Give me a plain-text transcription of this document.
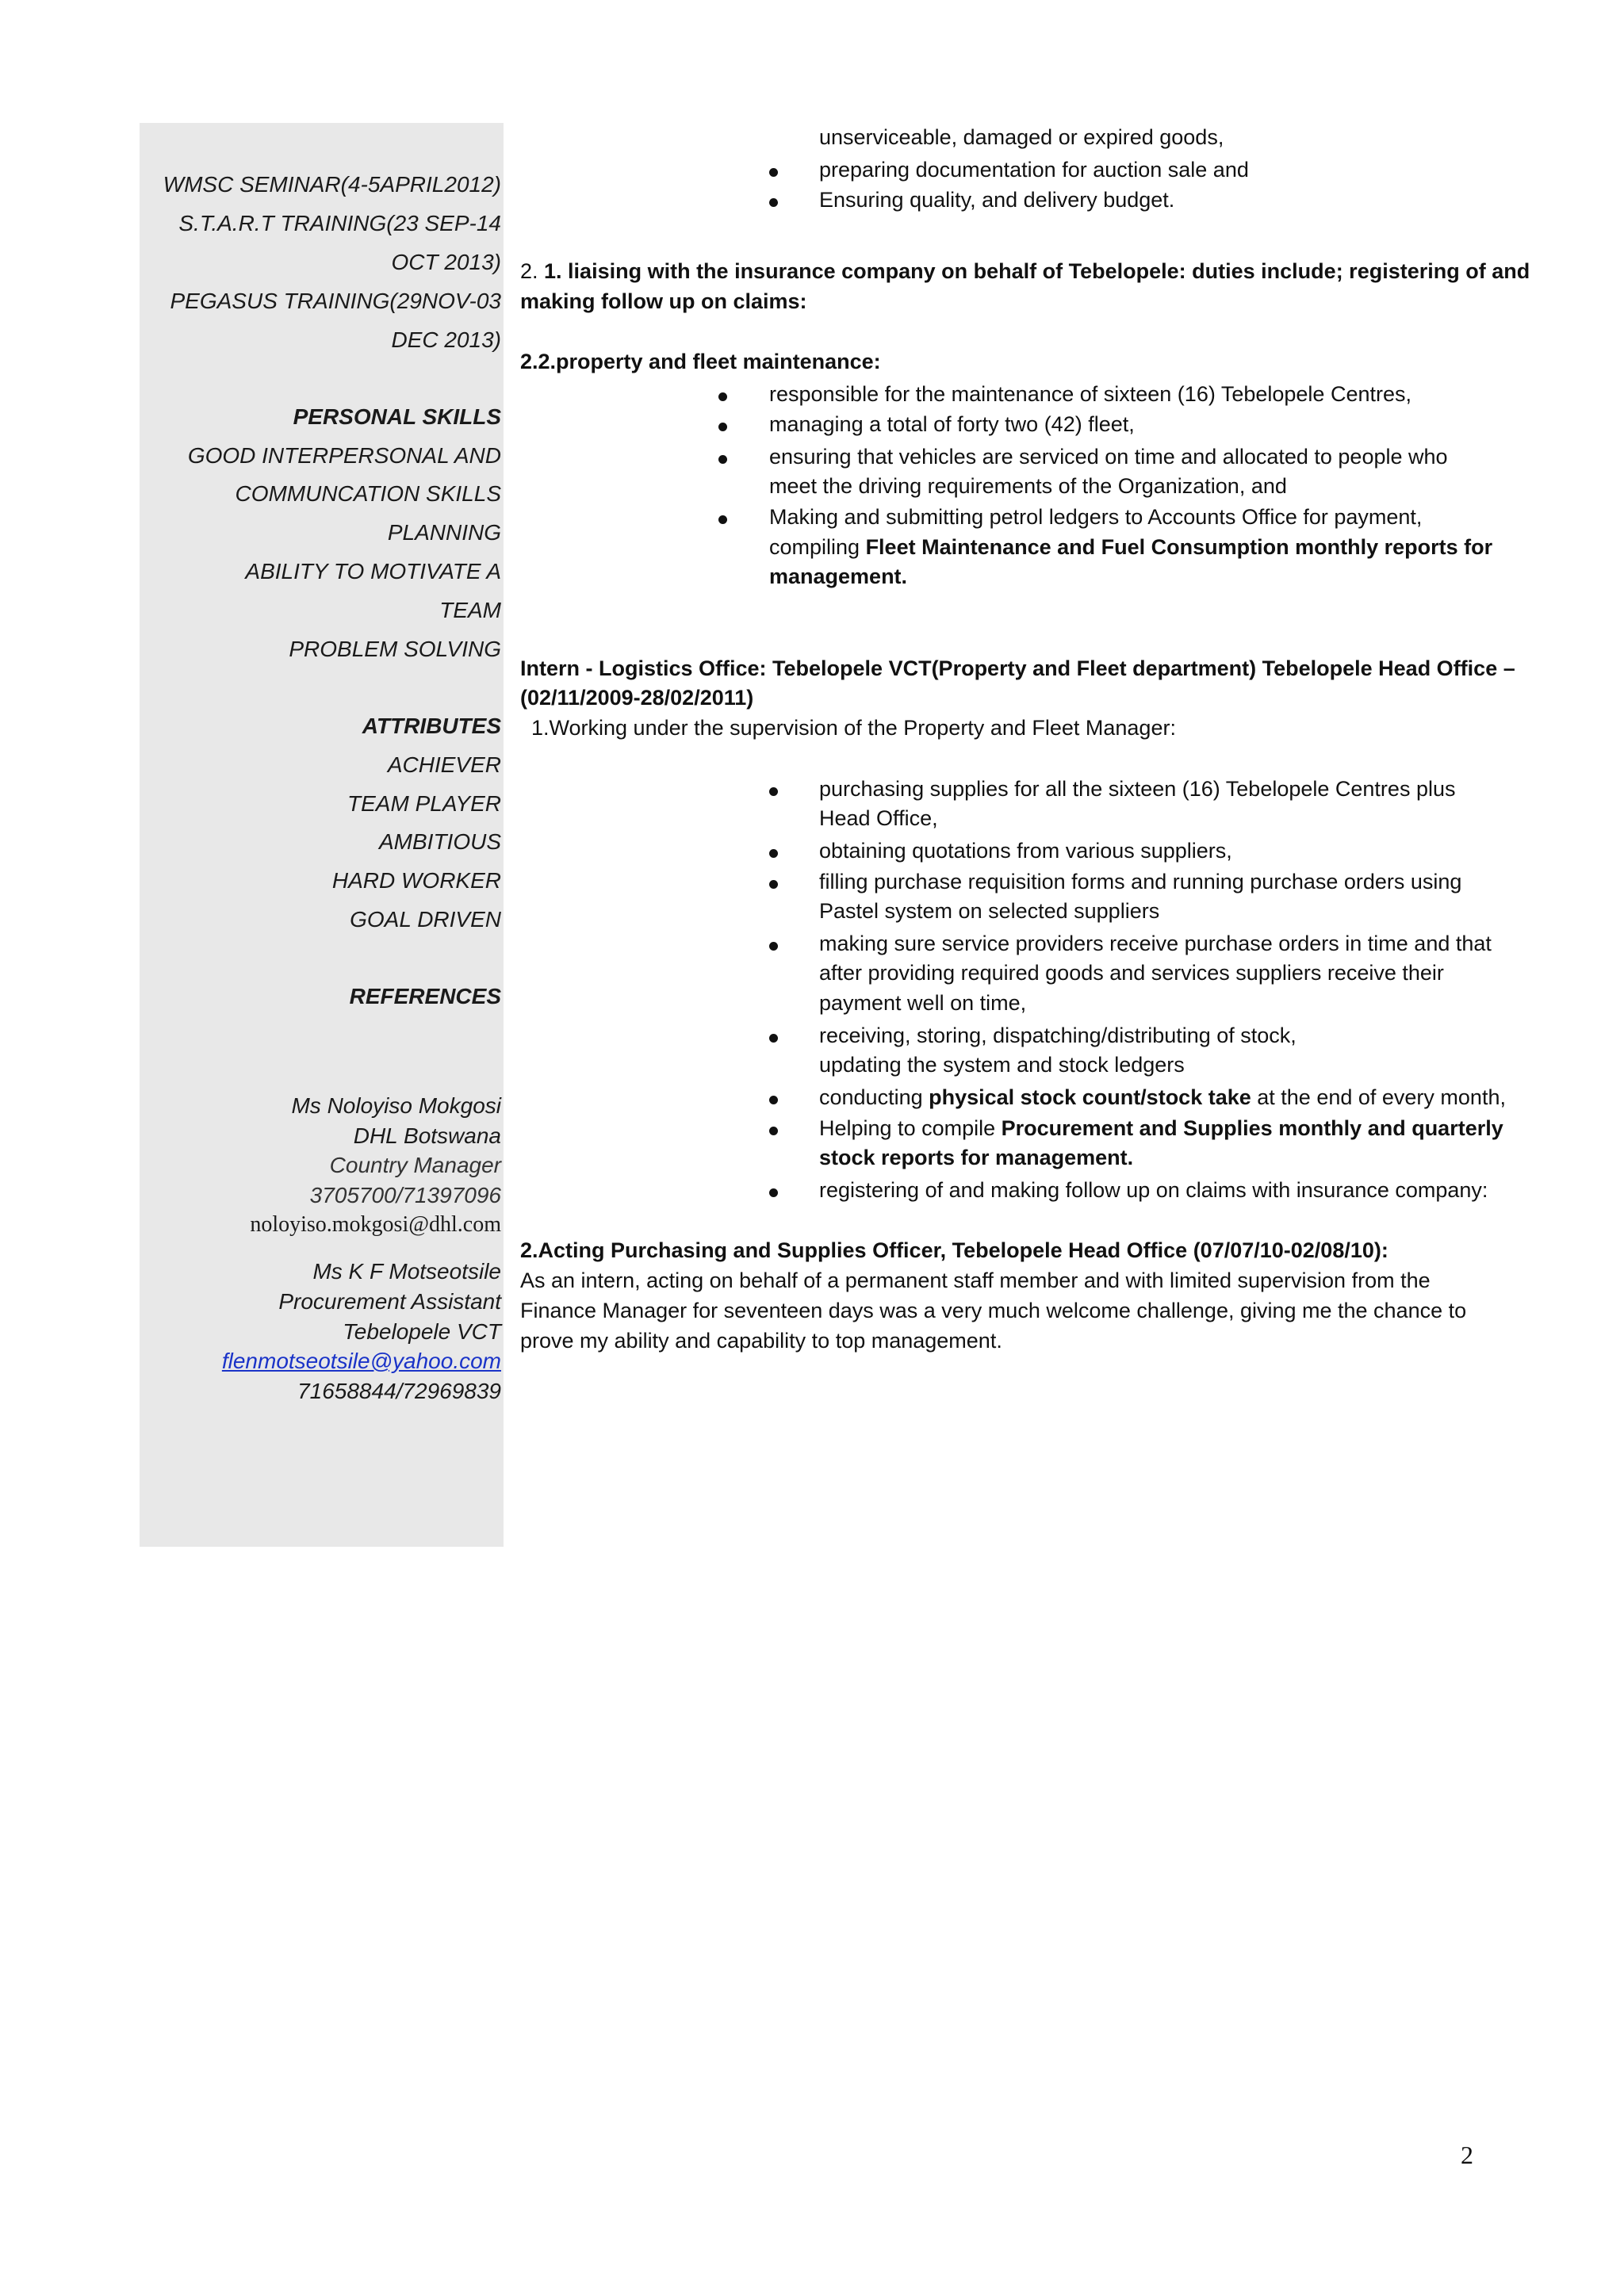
WMSC SEMINAR(4-5APRIL2012)
S.T.A.R.T TRAINING(23 SEP-14
OCT 2013)
PEGASUS TRAINING(29NOV-03
DEC 2013)
PERSONAL SKILLS
GOOD INTERPERSONAL AND
COMMUNCATION SKILLS
PLANNING
ABILITY TO MOTIVATE A
TEAM
PROBLEM SOLVING
ATTRIBUTES
ACHIEVER
TEAM PLAYER
AMBITIOUS
HARD WORKER
GOAL DRIVEN
REFERENCES
Ms Noloyiso Mokgosi
DHL Botswana
Country Manager
3705700/71397096
noloyiso.mokgosi@dhl.com
Ms K F Motseotsile
Procurement Assistant
Tebelopele VCT
flenmotseotsile@yahoo.com
71658844/72969839
unserviceable, damaged or expired goods,
preparing documentation for auction sale and
Ensuring quality, and delivery budget.
2. 1. liaising with the insurance company on behalf of Tebelopele: duties include; registering of and
making follow up on claims:
2.2.property and fleet maintenance:
responsible for the maintenance of sixteen (16) Tebelopele Centres,
managing a total of forty two (42) fleet,
ensuring that vehicles are serviced on time and allocated to people who
meet the driving requirements of the Organization, and
Making and submitting petrol ledgers to Accounts Office for payment,
compiling Fleet Maintenance and Fuel Consumption monthly reports for
management.
Intern - Logistics Office: Tebelopele VCT(Property and Fleet department) Tebelopele Head Office –
(02/11/2009-28/02/2011)
1.Working under the supervision of the Property and Fleet Manager:
purchasing supplies for all the sixteen (16) Tebelopele Centres plus
Head Office,
obtaining quotations from various suppliers,
filling purchase requisition forms and running purchase orders using
Pastel system on selected suppliers
making sure service providers receive purchase orders in time and that
after providing required goods and services suppliers receive their
payment well on time,
receiving, storing, dispatching/distributing of stock,
updating the system and stock ledgers
conducting physical stock count/stock take at the end of every month,
Helping to compile Procurement and Supplies monthly and quarterly
stock reports for management.
registering of and making follow up on claims with insurance company:
2.Acting Purchasing and Supplies Officer, Tebelopele Head Office (07/07/10-02/08/10):
As an intern, acting on behalf of a permanent staff member and with limited supervision from the
Finance Manager for seventeen days was a very much welcome challenge, giving me the chance to
prove my ability and capability to top management.
2
